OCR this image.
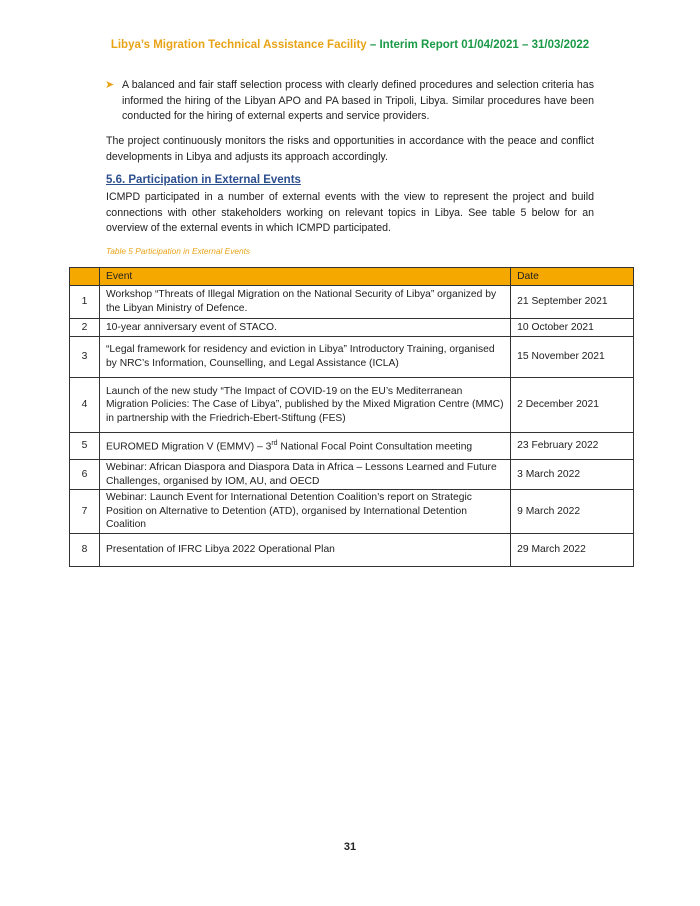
Libya’s Migration Technical Assistance Facility – Interim Report 01/04/2021 – 31/03/2022
➤ A balanced and fair staff selection process with clearly defined procedures and selection criteria has informed the hiring of the Libyan APO and PA based in Tripoli, Libya. Similar procedures have been conducted for the hiring of external experts and service providers.
The project continuously monitors the risks and opportunities in accordance with the peace and conflict developments in Libya and adjusts its approach accordingly.
5.6. Participation in External Events
ICMPD participated in a number of external events with the view to represent the project and build connections with other stakeholders working on relevant topics in Libya. See table 5 below for an overview of the external events in which ICMPD participated.
Table 5 Participation in External Events
	Event	Date
1	Workshop “Threats of Illegal Migration on the National Security of Libya” organized by the Libyan Ministry of Defence.	21 September 2021
2	10-year anniversary event of STACO.	10 October 2021
3	“Legal framework for residency and eviction in Libya” Introductory Training, organised by NRC’s Information, Counselling, and Legal Assistance (ICLA)	15 November 2021
4	Launch of the new study “The Impact of COVID-19 on the EU’s Mediterranean Migration Policies: The Case of Libya”, published by the Mixed Migration Centre (MMC) in partnership with the Friedrich-Ebert-Stiftung (FES)	2 December 2021
5	EUROMED Migration V (EMMV) – 3rd National Focal Point Consultation meeting	23 February 2022
6	Webinar: African Diaspora and Diaspora Data in Africa – Lessons Learned and Future Challenges, organised by IOM, AU, and OECD	3 March 2022
7	Webinar: Launch Event for International Detention Coalition’s report on Strategic Position on Alternative to Detention (ATD), organised by International Detention Coalition	9 March 2022
8	Presentation of IFRC Libya 2022 Operational Plan	29 March 2022
31
